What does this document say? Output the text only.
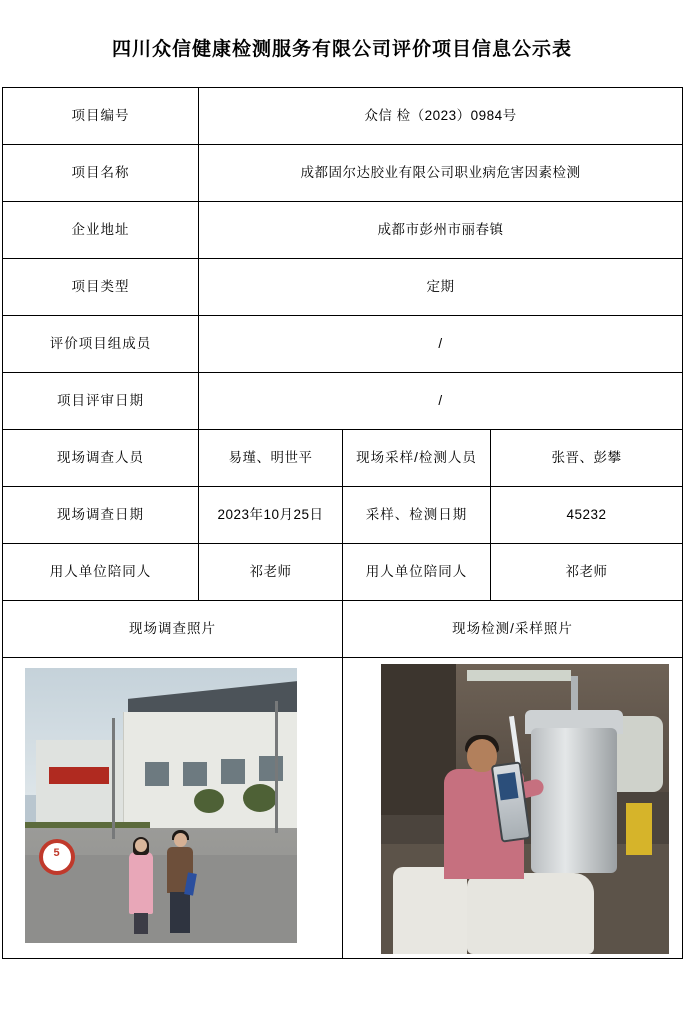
四川众信健康检测服务有限公司评价项目信息公示表
项目编号	众信 检（2023）0984号		
项目名称	成都固尔达胶业有限公司职业病危害因素检测		
企业地址	成都市彭州市丽春镇		
项目类型	定期		
评价项目组成员	/		
项目评审日期	/		
现场调查人员	易瑾、明世平	现场采样/检测人员	张晋、彭攀
现场调查日期	2023年10月25日	采样、检测日期	45232
用人单位陪同人	祁老师	用人单位陪同人	祁老师
现场调查照片		现场检测/采样照片	

5			
